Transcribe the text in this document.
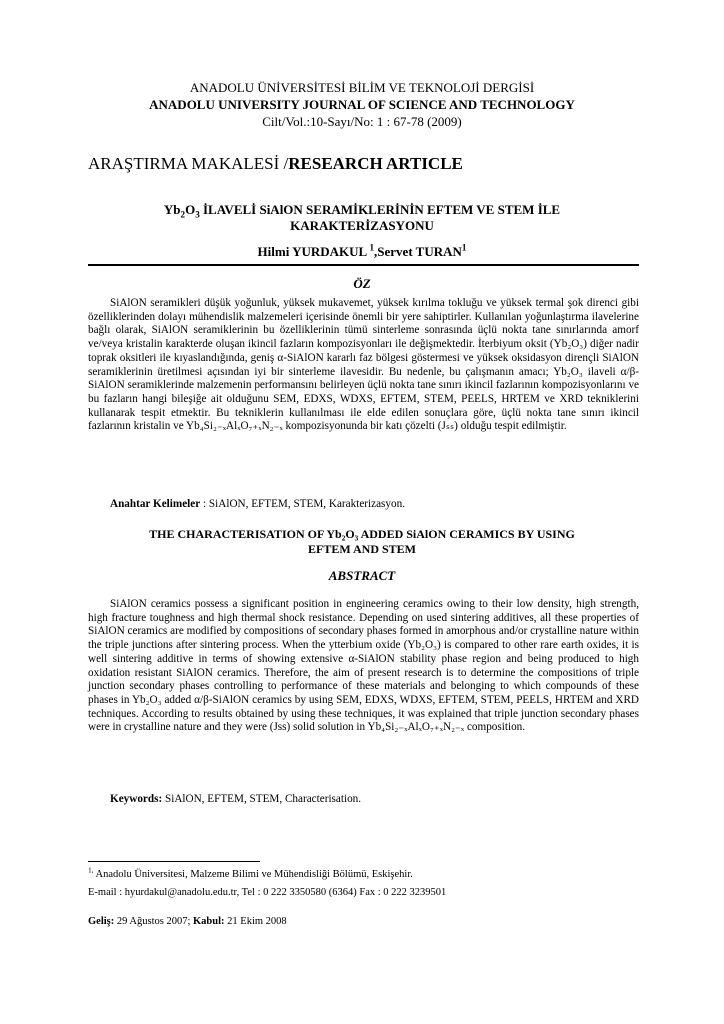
ANADOLU ÜNİVERSİTESİ BİLİM VE TEKNOLOJİ DERGİSİ
ANADOLU UNIVERSITY JOURNAL OF SCIENCE AND TECHNOLOGY
Cilt/Vol.:10-Sayı/No: 1 : 67-78 (2009)
ARAŞTIRMA MAKALESİ /RESEARCH ARTICLE
$Yb_2O_3$ İLAVELİ SiAlON SERAMİKLERİNİN EFTEM VE STEM İLE
KARAKTERİZASYONU
Hilmi YURDAKUL $^1$,Servet TURAN$^1$
ÖZ
SiAlON seramikleri düşük yoğunluk, yüksek mukavemet, yüksek kırılma tokluğu ve yüksek termal şok direnci gibi özelliklerinden dolayı mühendislik malzemeleri içerisinde önemli bir yere sahiptirler. Kullanılan yoğunlaştırma ilavelerine bağlı olarak, SiAlON seramiklerinin bu özelliklerinin tümü sinterleme sonrasında üçlü nokta tane sınırlarında amorf ve/veya kristalin karakterde oluşan ikincil fazların kompozisyonları ile değişmektedir. İterbiyum oksit (Yb₂O₃) diğer nadir toprak oksitleri ile kıyaslandığında, geniş α-SiAlON kararlı faz bölgesi göstermesi ve yüksek oksidasyon dirençli SiAlON seramiklerinin üretilmesi açısından iyi bir sinterleme ilavesidir. Bu nedenle, bu çalışmanın amacı; Yb₂O₃ ilaveli α/β-SiAlON seramiklerinde malzemenin performansını belirleyen üçlü nokta tane sınırı ikincil fazlarının kompozisyonlarını ve bu fazların hangi bileşiğe ait olduğunu SEM, EDXS, WDXS, EFTEM, STEM, PEELS, HRTEM ve XRD tekniklerini kullanarak tespit etmektir. Bu tekniklerin kullanılması ile elde edilen sonuçlara göre, üçlü nokta tane sınırı ikincil fazlarının kristalin ve Yb₄Si₂₋ₓAlₓO₇₊ₓN₂₋ₓ kompozisyonunda bir katı çözelti (Jₛₛ) olduğu tespit edilmiştir.
Anahtar Kelimeler : SiAlON, EFTEM, STEM, Karakterizasyon.
THE CHARACTERISATION OF Yb₂O₃ ADDED SiAlON CERAMICS BY USING
EFTEM AND STEM
ABSTRACT
SiAlON ceramics possess a significant position in engineering ceramics owing to their low density, high strength, high fracture toughness and high thermal shock resistance. Depending on used sintering additives, all these properties of SiAlON ceramics are modified by compositions of secondary phases formed in amorphous and/or crystalline nature within the triple junctions after sintering process. When the ytterbium oxide (Yb₂O₃) is compared to other rare earth oxides, it is well sintering additive in terms of showing extensive α-SiAlON stability phase region and being produced to high oxidation resistant SiAlON ceramics. Therefore, the aim of present research is to determine the compositions of triple junction secondary phases controlling to performance of these materials and belonging to which compounds of these phases in Yb₂O₃ added α/β-SiAlON ceramics by using SEM, EDXS, WDXS, EFTEM, STEM, PEELS, HRTEM and XRD techniques. According to results obtained by using these techniques, it was explained that triple junction secondary phases were in crystalline nature and they were (Jss) solid solution in Yb₄Si₂₋ₓAlₓO₇₊ₓN₂₋ₓ composition.
Keywords: SiAlON, EFTEM, STEM, Characterisation.
$^{1,}$ Anadolu Üniversitesi, Malzeme Bilimi ve Mühendisliği Bölümü, Eskişehir.
E-mail : hyurdakul@anadolu.edu.tr, Tel : 0 222 3350580 (6364) Fax : 0 222 3239501
Geliş: 29 Ağustos 2007; Kabul: 21 Ekim 2008
